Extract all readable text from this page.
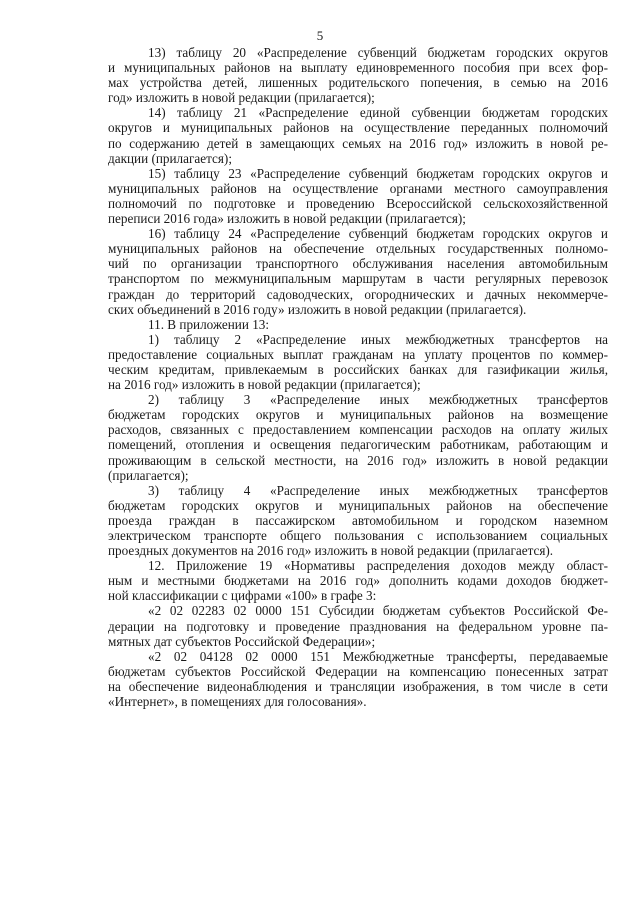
5
13) таблицу 20 «Распределение субвенций бюджетам городских округов
и муниципальных районов на выплату единовременного пособия при всех фор-
мах устройства детей, лишенных родительского попечения, в семью на 2016
год» изложить в новой редакции (прилагается);
14) таблицу 21 «Распределение единой субвенции бюджетам городских
округов и муниципальных районов на осуществление переданных полномочий
по содержанию детей в замещающих семьях на 2016 год» изложить в новой ре-
дакции (прилагается);
15) таблицу 23 «Распределение субвенций бюджетам городских округов и
муниципальных районов на осуществление органами местного самоуправления
полномочий по подготовке и проведению Всероссийской сельскохозяйственной
переписи 2016 года» изложить в новой редакции (прилагается);
16) таблицу 24 «Распределение субвенций бюджетам городских округов и
муниципальных районов на обеспечение отдельных государственных полномо-
чий по организации транспортного обслуживания населения автомобильным
транспортом по межмуниципальным маршрутам в части регулярных перевозок
граждан до территорий садоводческих, огороднических и дачных некоммерче-
ских объединений в 2016 году» изложить в новой редакции (прилагается).
11. В приложении 13:
1) таблицу 2 «Распределение иных межбюджетных трансфертов на
предоставление социальных выплат гражданам на уплату процентов по коммер-
ческим кредитам, привлекаемым в российских банках для газификации жилья,
на 2016 год» изложить в новой редакции (прилагается);
2) таблицу 3 «Распределение иных межбюджетных трансфертов
бюджетам городских округов и муниципальных районов на возмещение
расходов, связанных с предоставлением компенсации расходов на оплату жилых
помещений, отопления и освещения педагогическим работникам, работающим и
проживающим в сельской местности, на 2016 год» изложить в новой редакции
(прилагается);
3) таблицу 4 «Распределение иных межбюджетных трансфертов
бюджетам городских округов и муниципальных районов на обеспечение
проезда граждан в пассажирском автомобильном и городском наземном
электрическом транспорте общего пользования с использованием социальных
проездных документов на 2016 год» изложить в новой редакции (прилагается).
12. Приложение 19 «Нормативы распределения доходов между област-
ным и местными бюджетами на 2016 год» дополнить кодами доходов бюджет-
ной классификации с цифрами «100» в графе 3:
«2 02 02283 02 0000 151 Субсидии бюджетам субъектов Российской Фе-
дерации на подготовку и проведение празднования на федеральном уровне па-
мятных дат субъектов Российской Федерации»;
«2 02 04128 02 0000 151 Межбюджетные трансферты, передаваемые
бюджетам субъектов Российской Федерации на компенсацию понесенных затрат
на обеспечение видеонаблюдения и трансляции изображения, в том числе в сети
«Интернет», в помещениях для голосования».
